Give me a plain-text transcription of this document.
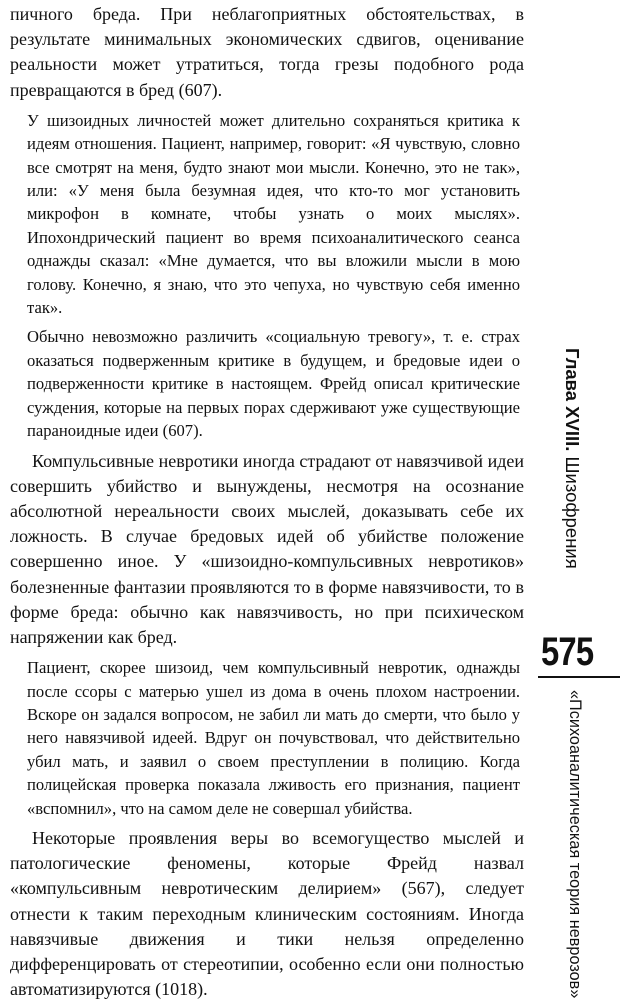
пичного бреда. При неблагоприятных обстоятельствах, в результате минимальных экономических сдвигов, оценивание реальности может утратиться, тогда грезы подобного рода превращаются в бред (607).

У шизоидных личностей может длительно сохраняться критика к идеям отношения. Пациент, например, говорит: «Я чувствую, словно все смотрят на меня, будто знают мои мысли. Конечно, это не так», или: «У меня была безумная идея, что кто-то мог установить микрофон в комнате, чтобы узнать о моих мыслях». Ипохондрический пациент во время психоаналитического сеанса однажды сказал: «Мне думается, что вы вложили мысли в мою голову. Конечно, я знаю, что это чепуха, но чувствую себя именно так».

Обычно невозможно различить «социальную тревогу», т. е. страх оказаться подверженным критике в будущем, и бредовые идеи о подверженности критике в настоящем. Фрейд описал критические суждения, которые на первых порах сдерживают уже существующие параноидные идеи (607).

Компульсивные невротики иногда страдают от навязчивой идеи совершить убийство и вынуждены, несмотря на осознание абсолютной нереальности своих мыслей, доказывать себе их ложность. В случае бредовых идей об убийстве положение совершенно иное. У «шизоидно-компульсивных невротиков» болезненные фантазии проявляются то в форме навязчивости, то в форме бреда: обычно как навязчивость, но при психическом напряжении как бред.

Пациент, скорее шизоид, чем компульсивный невротик, однажды после ссоры с матерью ушел из дома в очень плохом настроении. Вскоре он задался вопросом, не забил ли мать до смерти, что было у него навязчивой идеей. Вдруг он почувствовал, что действительно убил мать, и заявил о своем преступлении в полицию. Когда полицейская проверка показала лживость его признания, пациент «вспомнил», что на самом деле не совершал убийства.

Некоторые проявления веры во всемогущество мыслей и патологические феномены, которые Фрейд назвал «компульсивным невротическим делирием» (567), следует отнести к таким переходным клиническим состояниям. Иногда навязчивые движения и тики нельзя определенно дифференцировать от стереотипии, особенно если они полностью автоматизируются (1018).

Глава XVIII. Шизофрения
575
«Психоаналитическая теория неврозов»
